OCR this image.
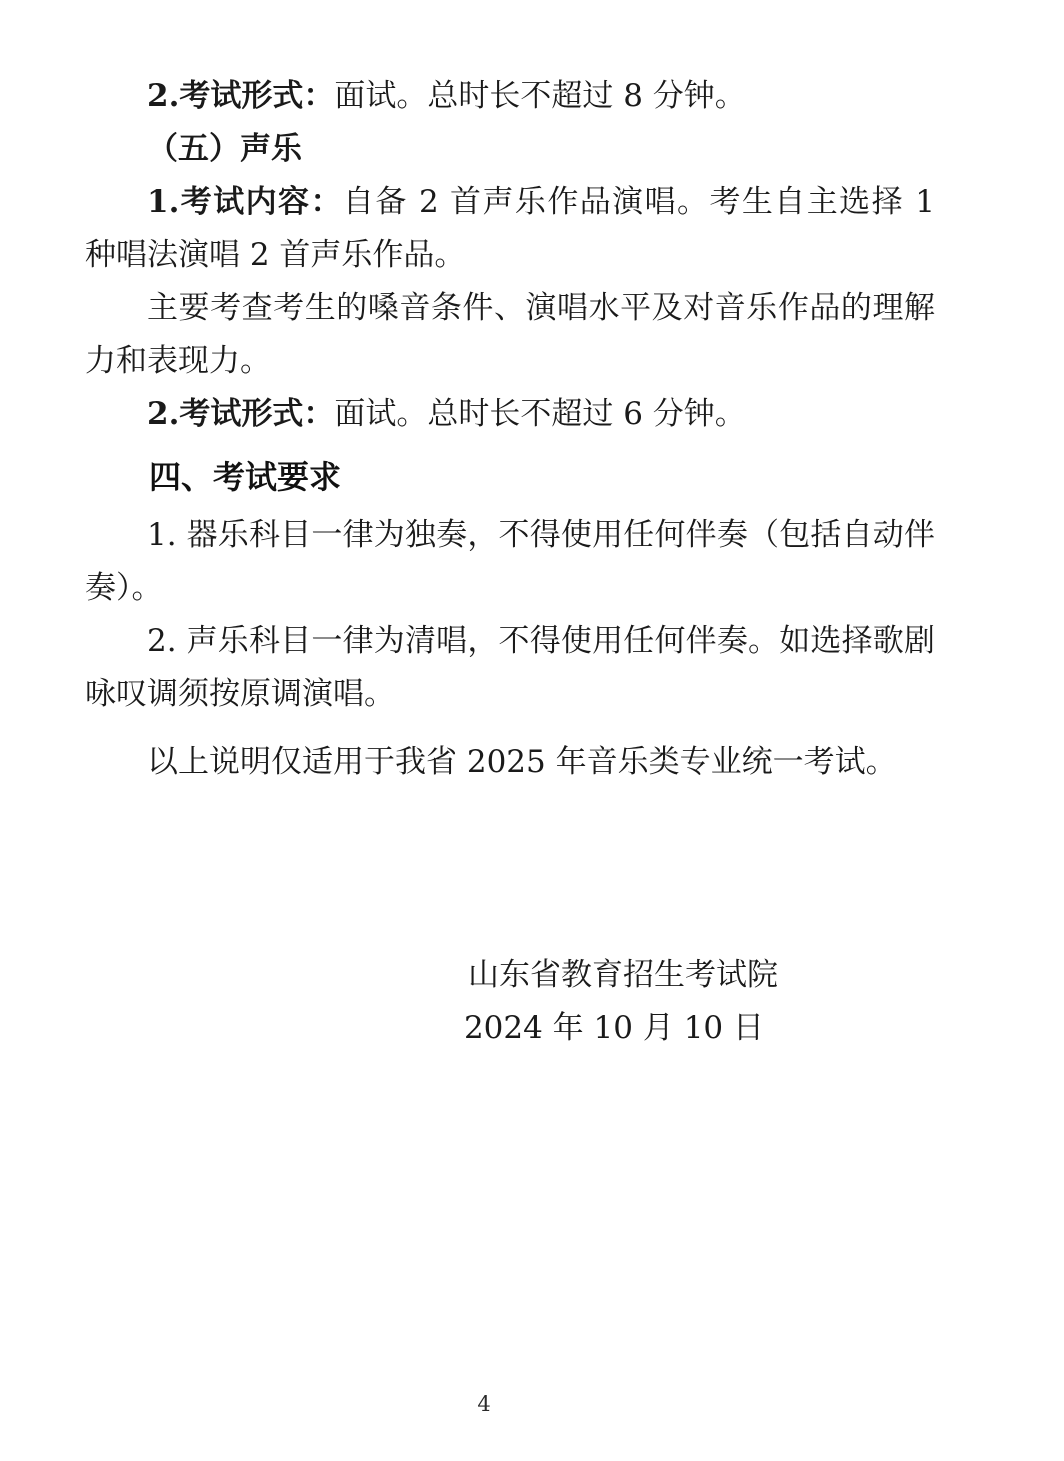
2.考试形式：面试。总时长不超过 8 分钟。

（五）声乐

1.考试内容：自备 2 首声乐作品演唱。考生自主选择 1 种唱法演唱 2 首声乐作品。

主要考查考生的嗓音条件、演唱水平及对音乐作品的理解力和表现力。

2.考试形式：面试。总时长不超过 6 分钟。

四、考试要求

1. 器乐科目一律为独奏，不得使用任何伴奏（包括自动伴奏）。

2. 声乐科目一律为清唱，不得使用任何伴奏。如选择歌剧咏叹调须按原调演唱。

以上说明仅适用于我省 2025 年音乐类专业统一考试。

山东省教育招生考试院

2024 年 10 月 10 日

4
